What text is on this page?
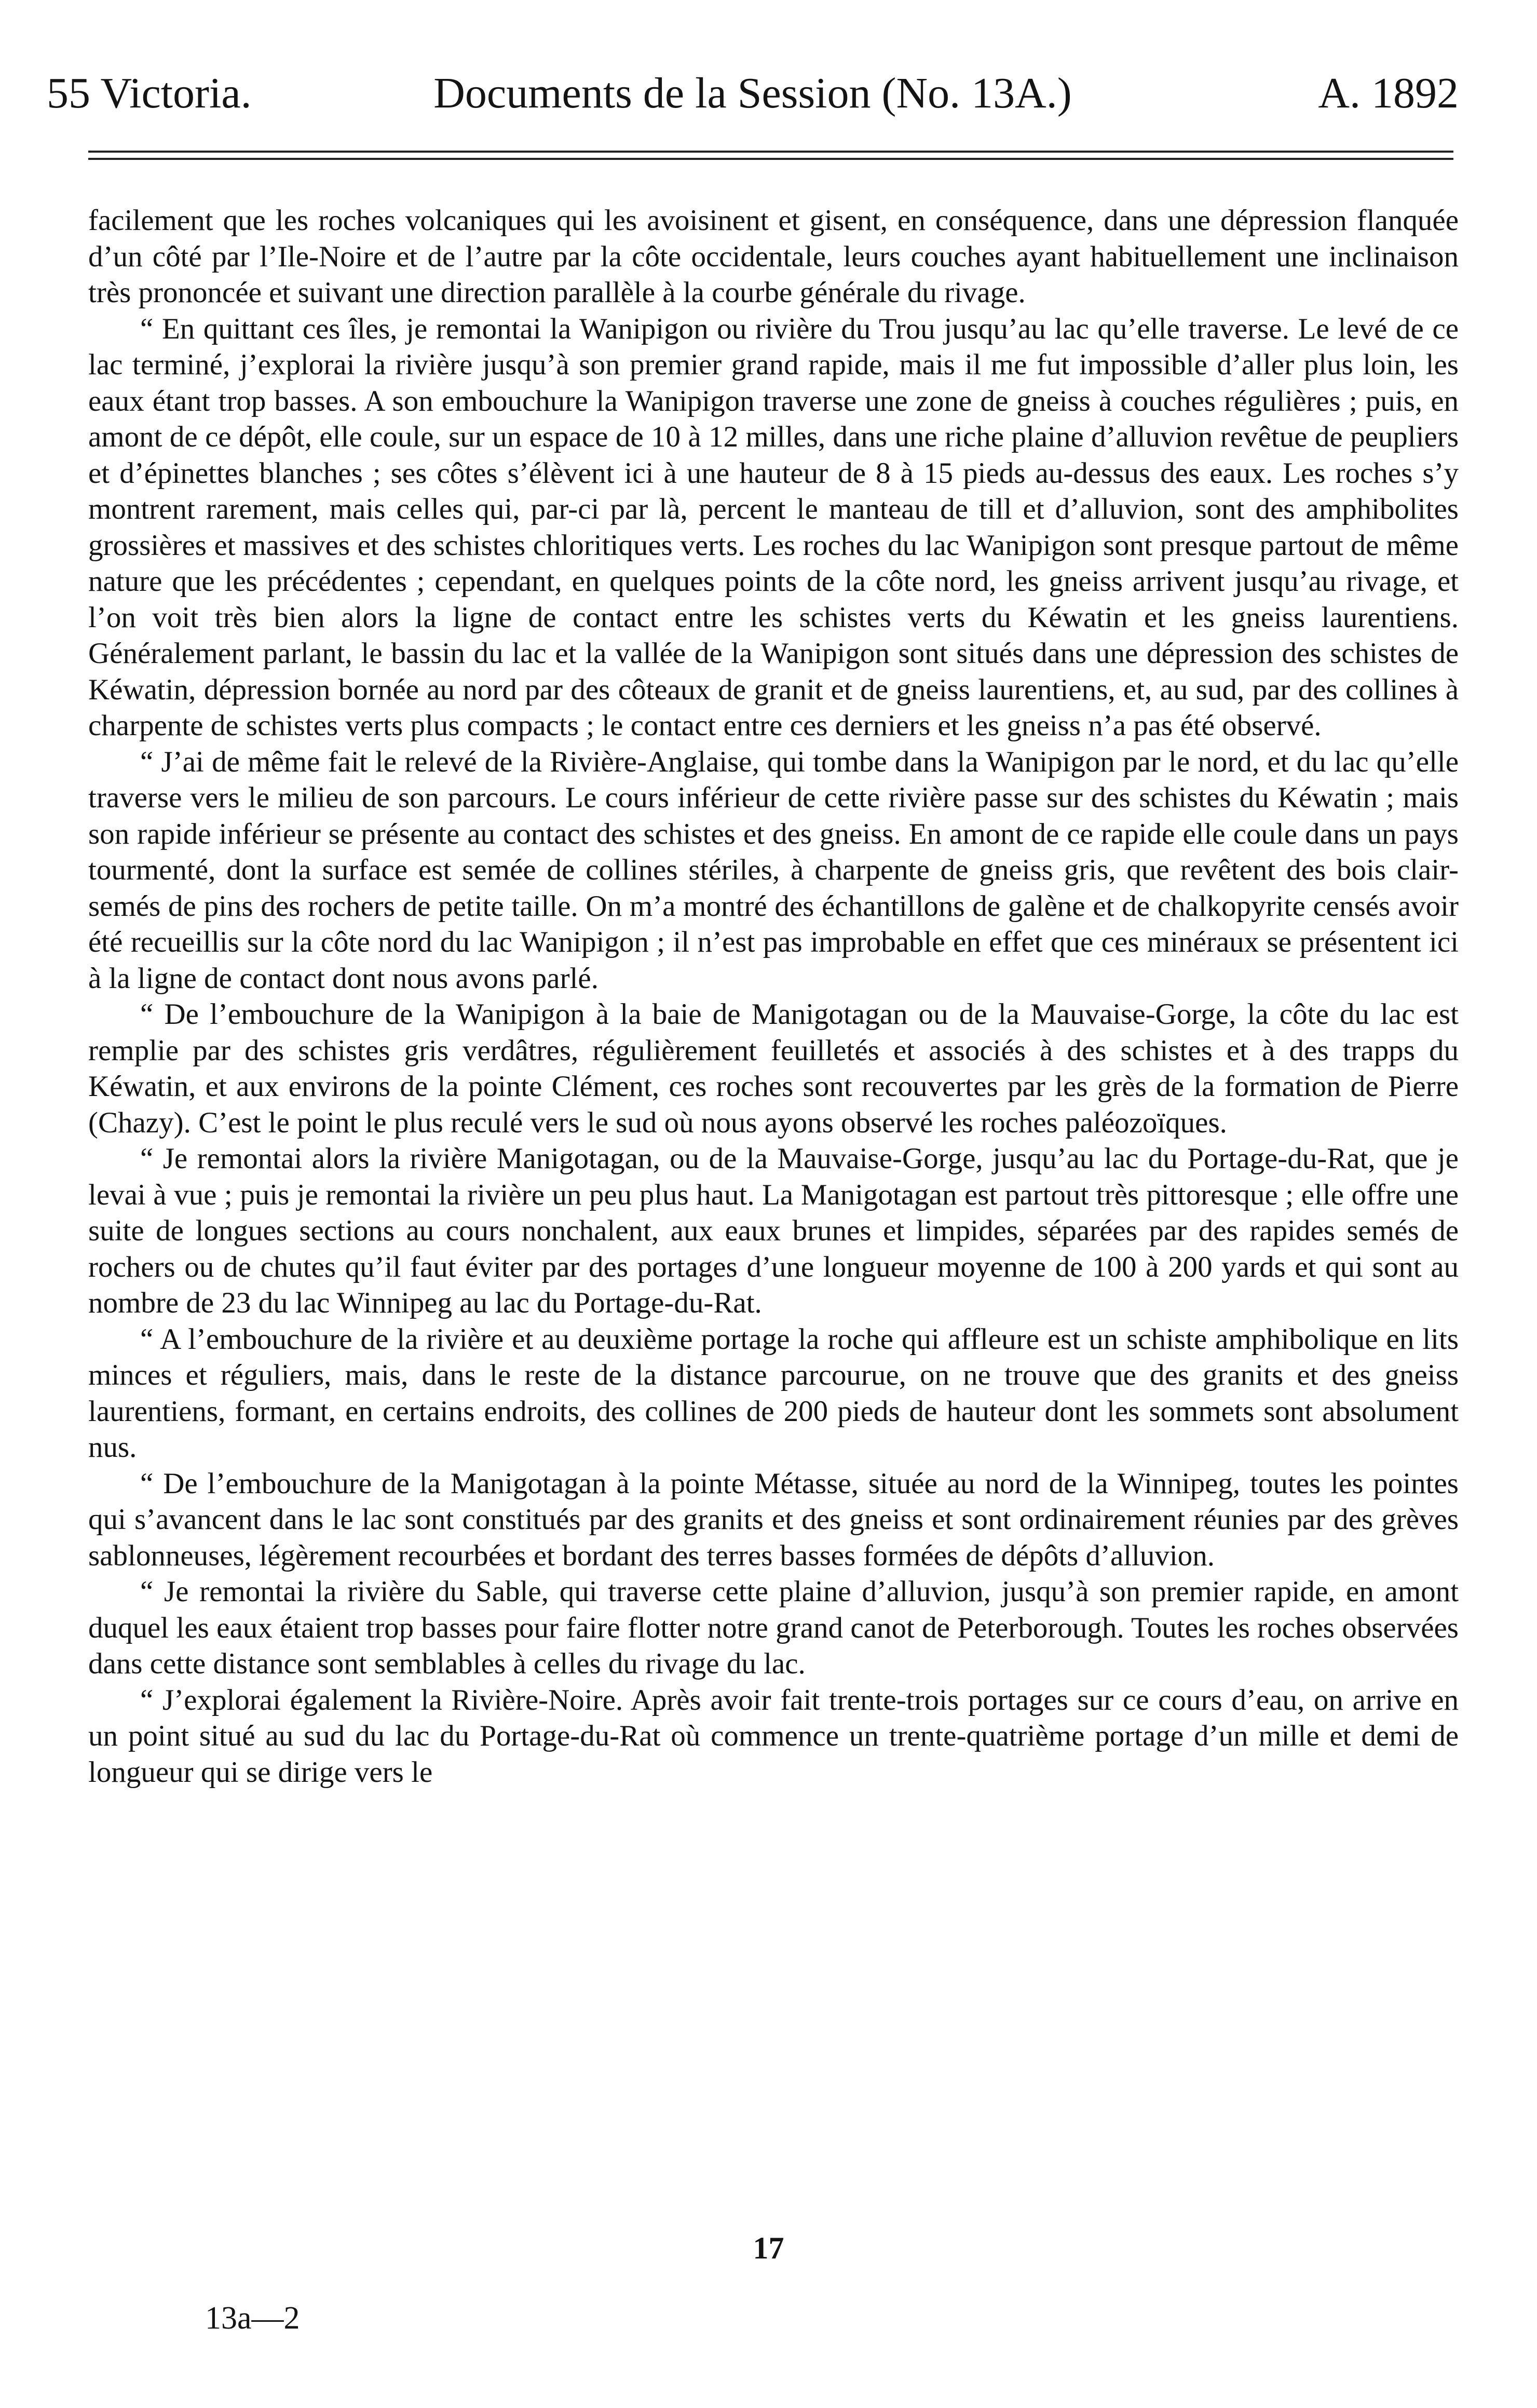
55 Victoria.	Documents de la Session (No. 13A.)	A. 1892

facilement que les roches volcaniques qui les avoisinent et gisent, en conséquence, dans une dépression flanquée d’un côté par l’Ile-Noire et de l’autre par la côte occidentale, leurs couches ayant habituellement une inclinaison très prononcée et suivant une direction parallèle à la courbe générale du rivage.

“ En quittant ces îles, je remontai la Wanipigon ou rivière du Trou jusqu’au lac qu’elle traverse. Le levé de ce lac terminé, j’explorai la rivière jusqu’à son premier grand rapide, mais il me fut impossible d’aller plus loin, les eaux étant trop basses. A son embouchure la Wanipigon traverse une zone de gneiss à couches régulières ; puis, en amont de ce dépôt, elle coule, sur un espace de 10 à 12 milles, dans une riche plaine d’alluvion revêtue de peupliers et d’épinettes blanches ; ses côtes s’élèvent ici à une hauteur de 8 à 15 pieds au-dessus des eaux. Les roches s’y montrent rarement, mais celles qui, par-ci par là, percent le manteau de till et d’alluvion, sont des amphibolites grossières et massives et des schistes chloritiques verts. Les roches du lac Wanipigon sont presque partout de même nature que les précédentes ; cependant, en quelques points de la côte nord, les gneiss arrivent jusqu’au rivage, et l’on voit très bien alors la ligne de contact entre les schistes verts du Kéwatin et les gneiss laurentiens. Généralement parlant, le bassin du lac et la vallée de la Wanipigon sont situés dans une dépression des schistes de Kéwatin, dépression bornée au nord par des côteaux de granit et de gneiss laurentiens, et, au sud, par des collines à charpente de schistes verts plus compacts ; le contact entre ces derniers et les gneiss n’a pas été observé.

“ J’ai de même fait le relevé de la Rivière-Anglaise, qui tombe dans la Wanipigon par le nord, et du lac qu’elle traverse vers le milieu de son parcours. Le cours inférieur de cette rivière passe sur des schistes du Kéwatin ; mais son rapide inférieur se présente au contact des schistes et des gneiss. En amont de ce rapide elle coule dans un pays tourmenté, dont la surface est semée de collines stériles, à charpente de gneiss gris, que revêtent des bois clair-semés de pins des rochers de petite taille. On m’a montré des échantillons de galène et de chalkopyrite censés avoir été recueillis sur la côte nord du lac Wanipigon ; il n’est pas improbable en effet que ces minéraux se présentent ici à la ligne de contact dont nous avons parlé.

“ De l’embouchure de la Wanipigon à la baie de Manigotagan ou de la Mauvaise-Gorge, la côte du lac est remplie par des schistes gris verdâtres, régulièrement feuilletés et associés à des schistes et à des trapps du Kéwatin, et aux environs de la pointe Clément, ces roches sont recouvertes par les grès de la formation de Pierre (Chazy). C’est le point le plus reculé vers le sud où nous ayons observé les roches paléozoïques.

“ Je remontai alors la rivière Manigotagan, ou de la Mauvaise-Gorge, jusqu’au lac du Portage-du-Rat, que je levai à vue ; puis je remontai la rivière un peu plus haut. La Manigotagan est partout très pittoresque ; elle offre une suite de longues sections au cours nonchalent, aux eaux brunes et limpides, séparées par des rapides semés de rochers ou de chutes qu’il faut éviter par des portages d’une longueur moyenne de 100 à 200 yards et qui sont au nombre de 23 du lac Winnipeg au lac du Portage-du-Rat.

“ A l’embouchure de la rivière et au deuxième portage la roche qui affleure est un schiste amphibolique en lits minces et réguliers, mais, dans le reste de la distance parcourue, on ne trouve que des granits et des gneiss laurentiens, formant, en certains endroits, des collines de 200 pieds de hauteur dont les sommets sont absolument nus.

“ De l’embouchure de la Manigotagan à la pointe Métasse, située au nord de la Winnipeg, toutes les pointes qui s’avancent dans le lac sont constitués par des granits et des gneiss et sont ordinairement réunies par des grèves sablonneuses, légèrement recourbées et bordant des terres basses formées de dépôts d’alluvion.

“ Je remontai la rivière du Sable, qui traverse cette plaine d’alluvion, jusqu’à son premier rapide, en amont duquel les eaux étaient trop basses pour faire flotter notre grand canot de Peterborough. Toutes les roches observées dans cette distance sont semblables à celles du rivage du lac.

“ J’explorai également la Rivière-Noire. Après avoir fait trente-trois portages sur ce cours d’eau, on arrive en un point situé au sud du lac du Portage-du-Rat où commence un trente-quatrième portage d’un mille et demi de longueur qui se dirige vers le

17
13a—2
